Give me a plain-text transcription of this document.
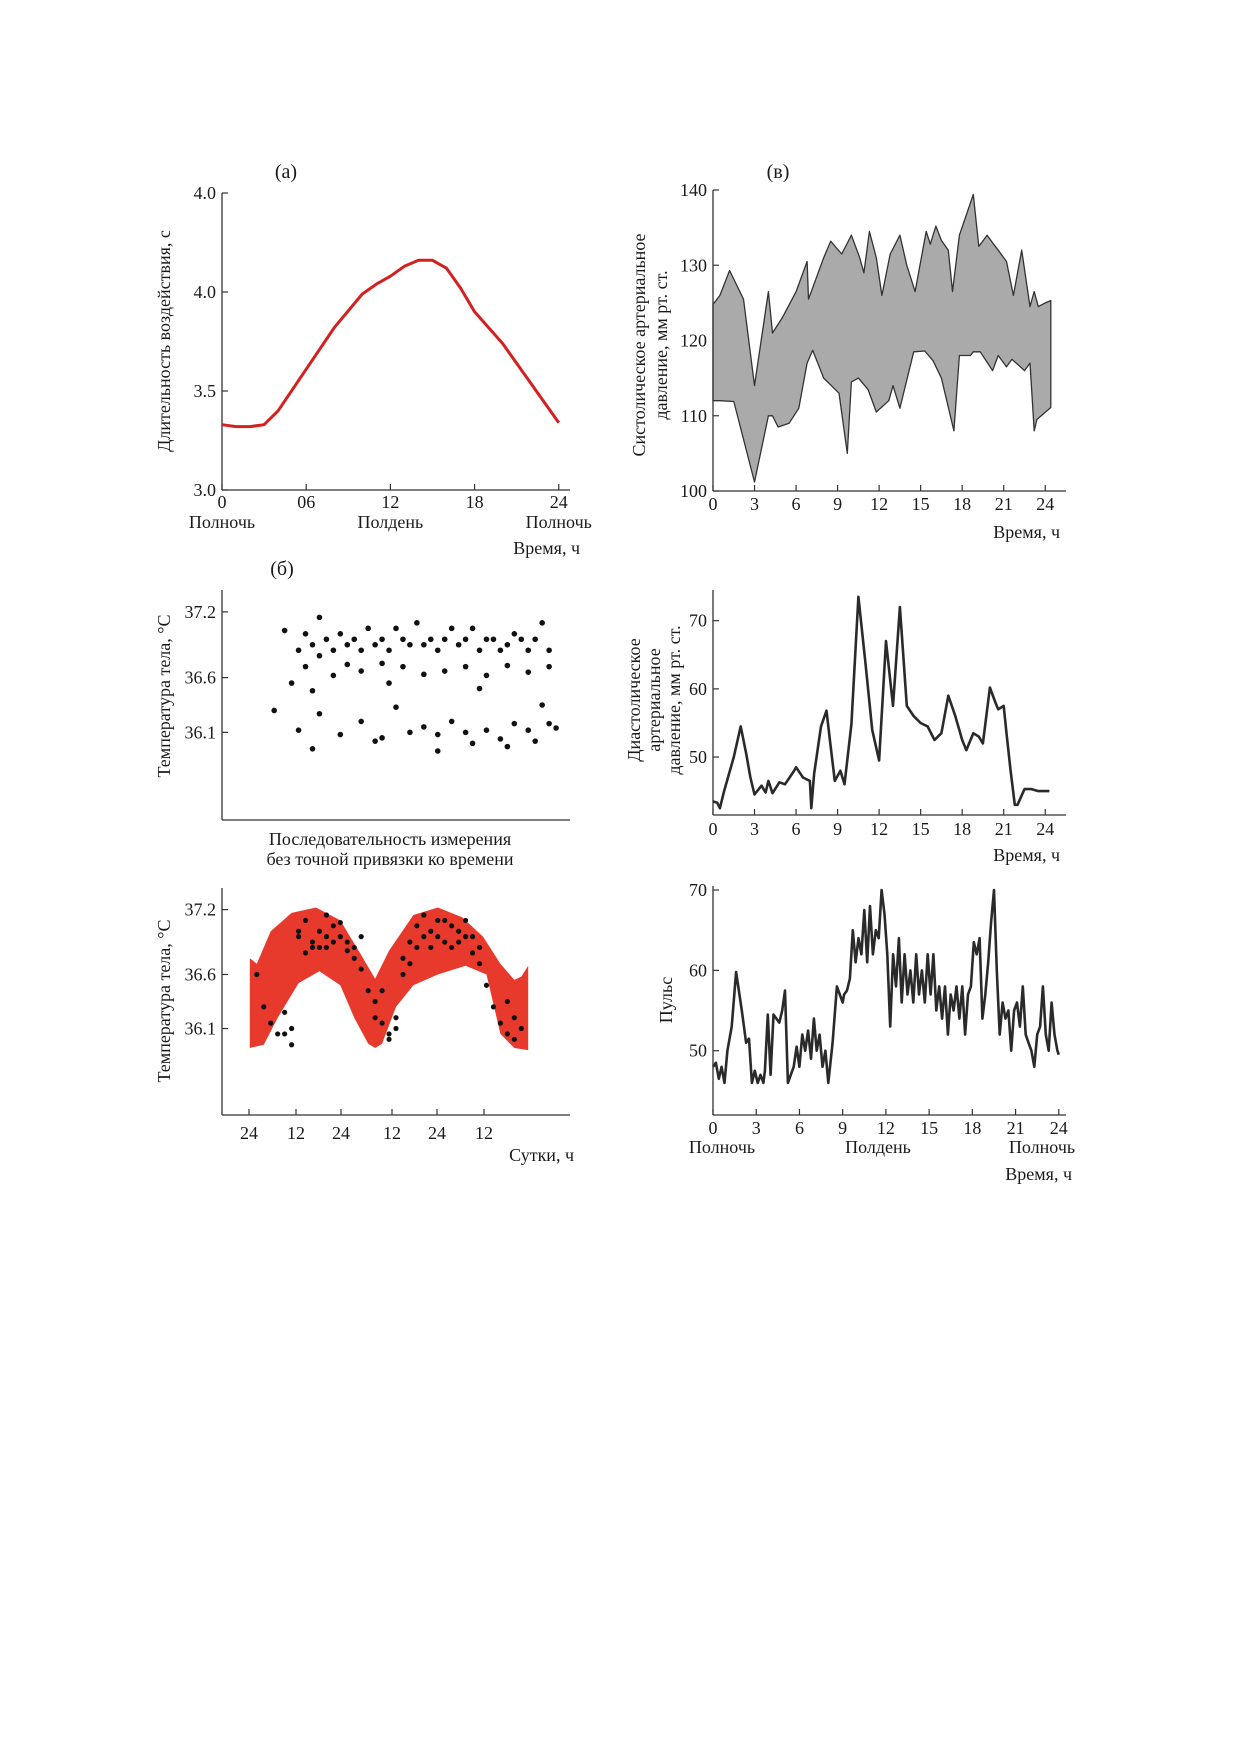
3.0
3.5
4.0
4.0
0	06	12	18	24
Полночь	Полдень	Полночь
Время, ч
Длительность воздействия, с
(а)
36.1
36.6
37.2
Последовательность измерения
без точной привязки ко времени
Температура тела, °C
(б)
36.1
36.6
37.2
24 12 24 12 24 12
Сутки, ч
Температура тела, °C
100
110
120
130
140
0 3 6 9 12 15 18 21 24
Время, ч
Систолическое артериальное давление, мм рт. ст.
(в)
50
60
70
0 3 6 9 12 15 18 21 24
Время, ч
Диастолическое артериальное давление, мм рт. ст.
50
60
70
0 3 6 9 12 15 18 21 24
Полночь	Полдень	Полночь
Время, ч
Пульс
